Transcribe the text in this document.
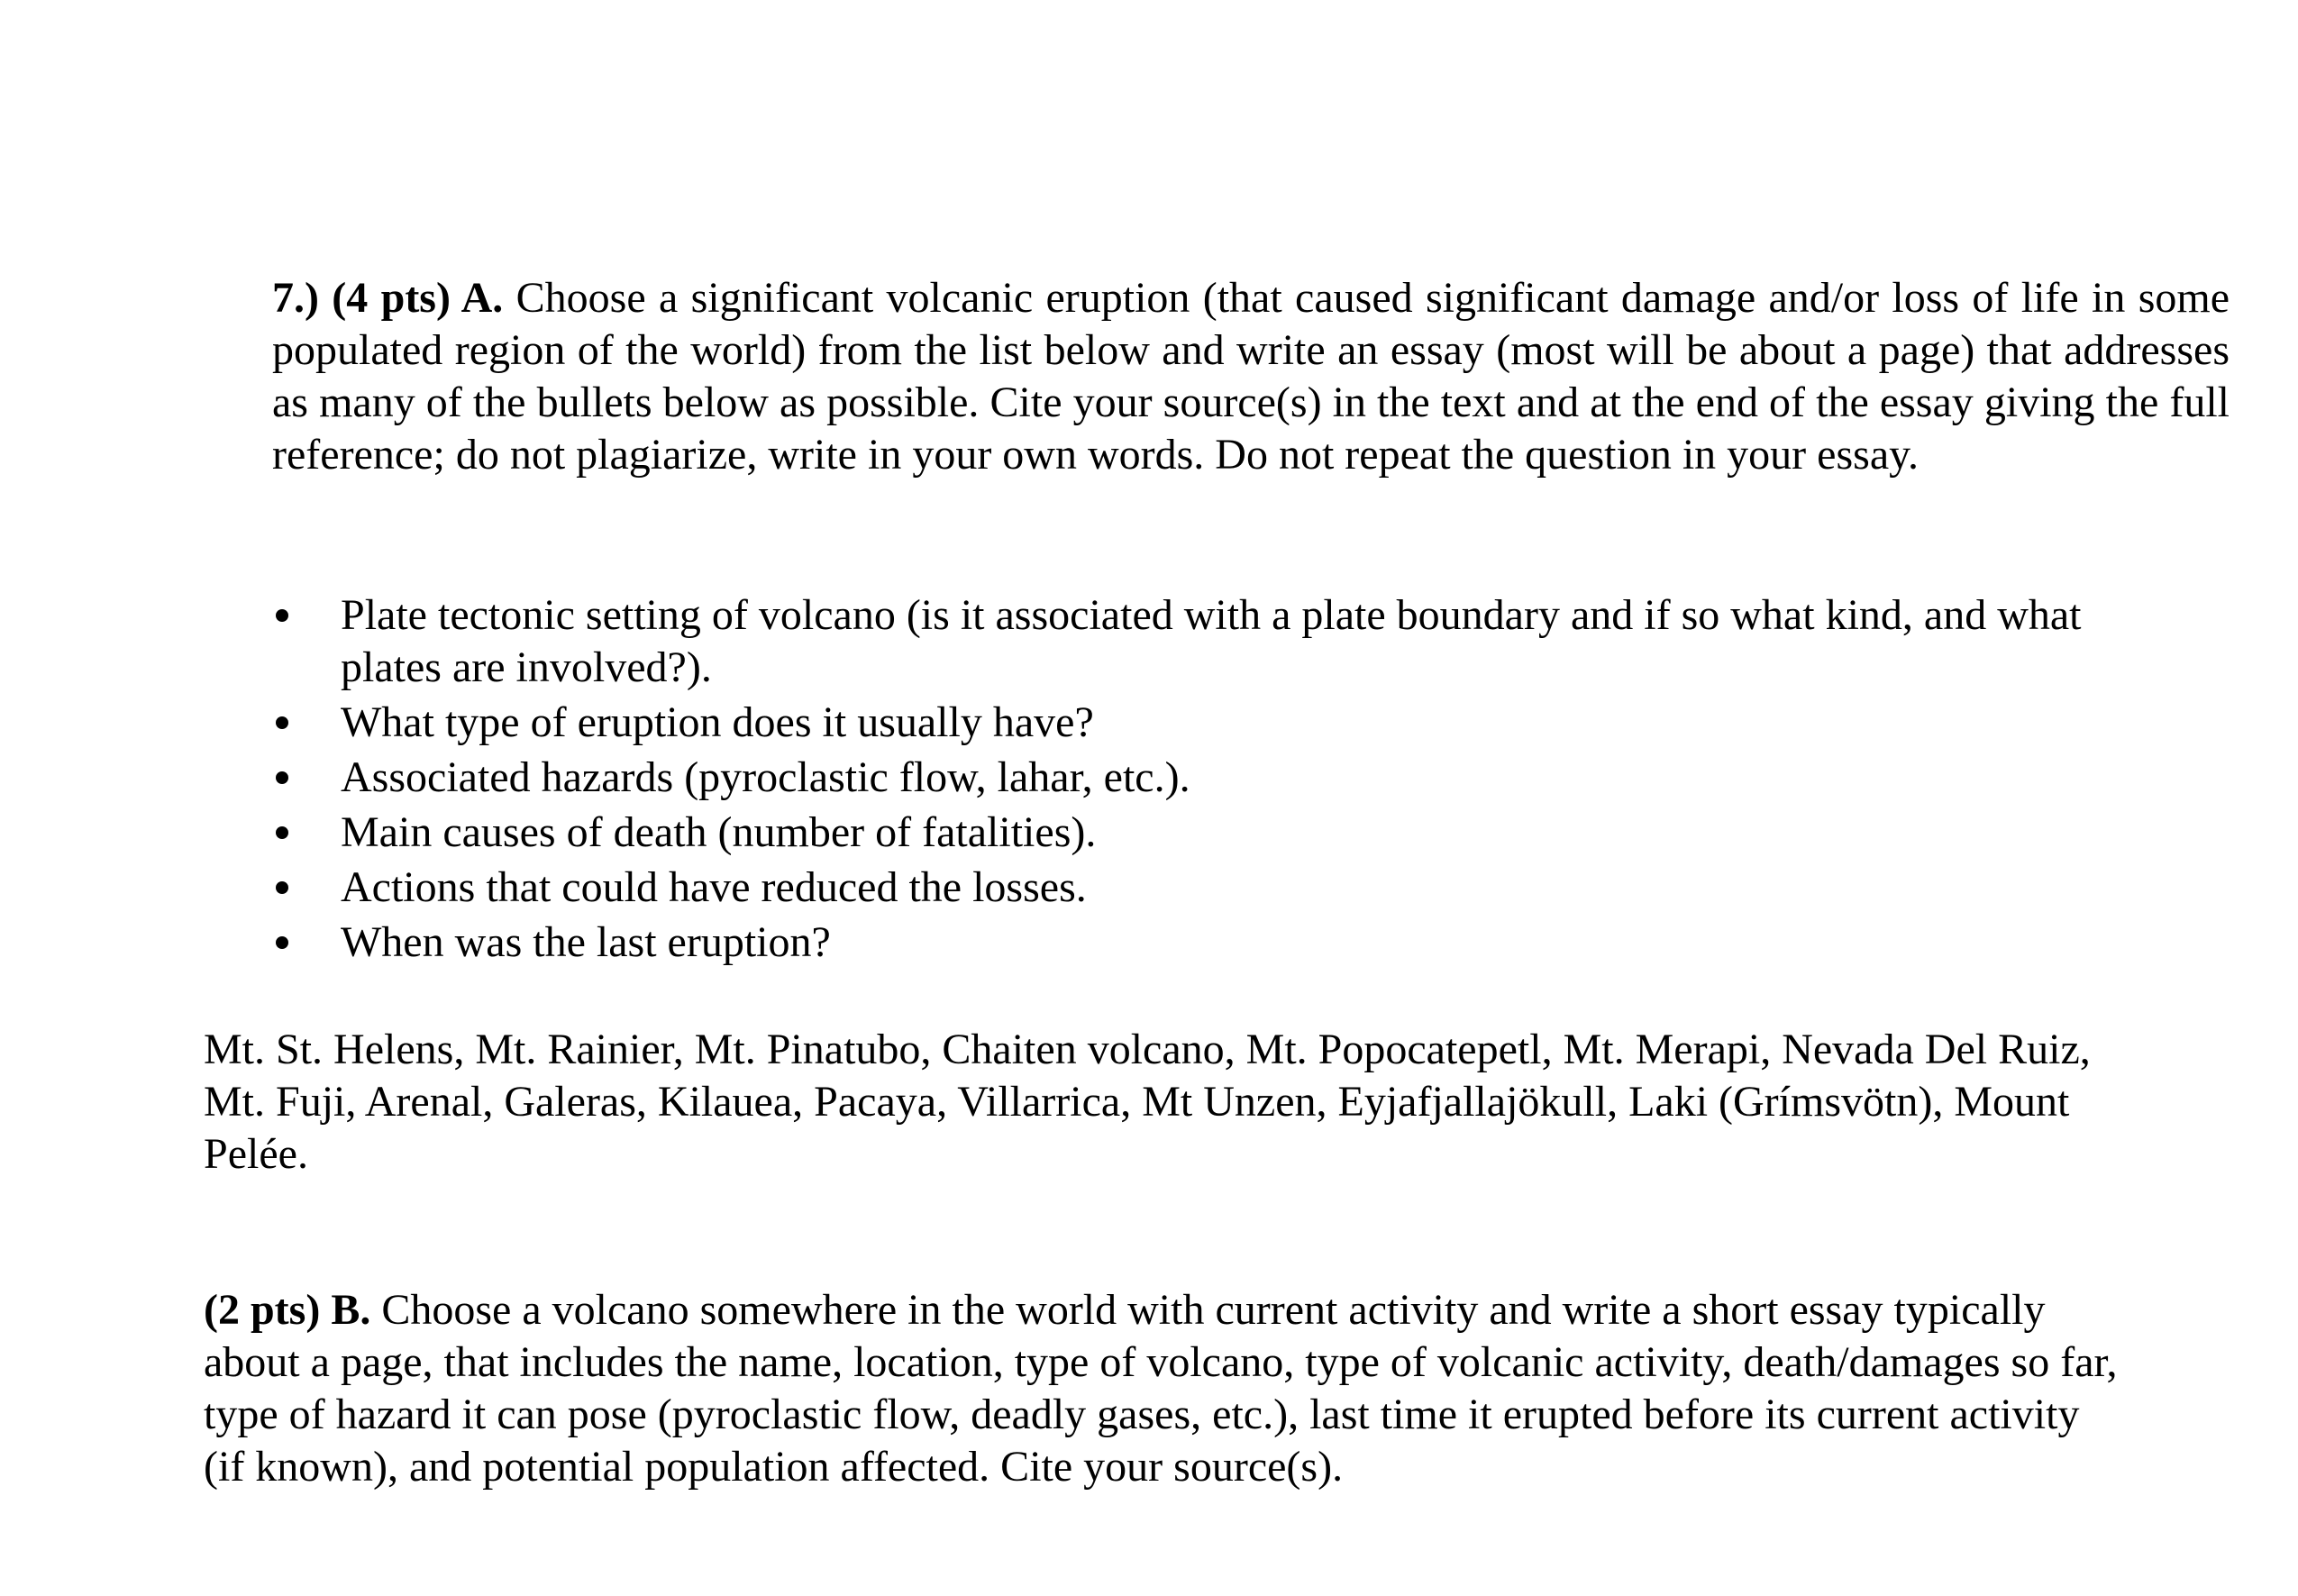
7.) (4 pts) A. Choose a significant volcanic eruption (that caused significant damage and/or loss of life in some populated region of the world) from the list below and write an essay (most will be about a page) that addresses as many of the bullets below as possible. Cite your source(s) in the text and at the end of the essay giving the full reference; do not plagiarize, write in your own words. Do not repeat the question in your essay.

Plate tectonic setting of volcano (is it associated with a plate boundary and if so what kind, and what plates are involved?).
What type of eruption does it usually have?
Associated hazards (pyroclastic flow, lahar, etc.).
Main causes of death (number of fatalities).
Actions that could have reduced the losses.
When was the last eruption?

Mt. St. Helens, Mt. Rainier, Mt. Pinatubo, Chaiten volcano, Mt. Popocatepetl, Mt. Merapi, Nevada Del Ruiz, Mt. Fuji, Arenal, Galeras, Kilauea, Pacaya, Villarrica, Mt Unzen, Eyjafjallajökull, Laki (Grímsvötn), Mount Pelée.

(2 pts) B. Choose a volcano somewhere in the world with current activity and write a short essay typically about a page, that includes the name, location, type of volcano, type of volcanic activity, death/damages so far, type of hazard it can pose (pyroclastic flow, deadly gases, etc.), last time it erupted before its current activity (if known), and potential population affected. Cite your source(s).
